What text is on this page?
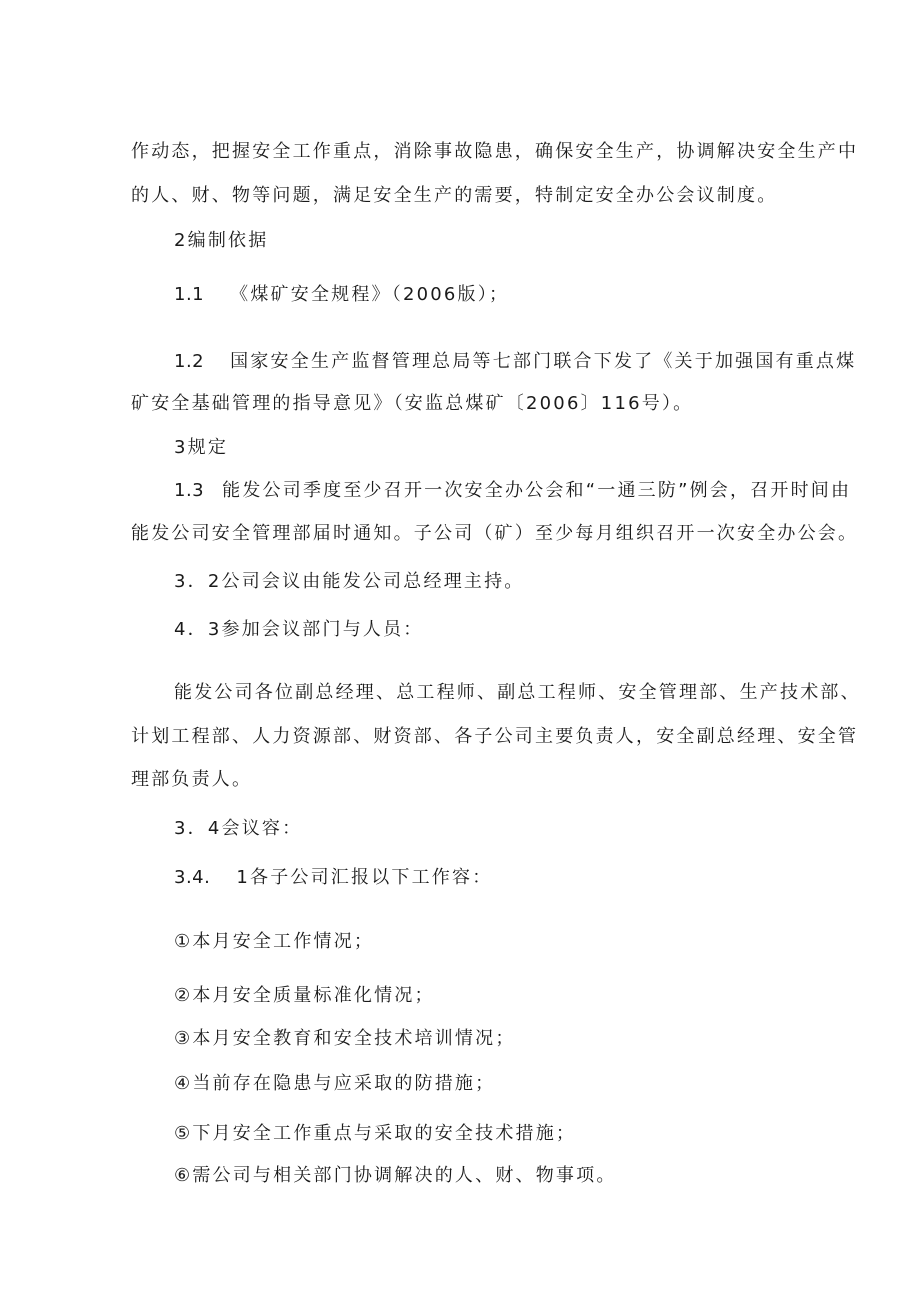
作动态，把握安全工作重点，消除事故隐患，确保安全生产，协调解决安全生产中
的人、财、物等问题，满足安全生产的需要，特制定安全办公会议制度。
2编制依据
1.1 《煤矿安全规程》（2006版）；
1.2 国家安全生产监督管理总局等七部门联合下发了《关于加强国有重点煤
矿安全基础管理的指导意见》（安监总煤矿〔2006〕116号）。
3规定
1.3 能发公司季度至少召开一次安全办公会和“一通三防”例会，召开时间由
能发公司安全管理部届时通知。子公司（矿）至少每月组织召开一次安全办公会。
3．2公司会议由能发公司总经理主持。
4．3参加会议部门与人员：
能发公司各位副总经理、总工程师、副总工程师、安全管理部、生产技术部、
计划工程部、人力资源部、财资部、各子公司主要负责人，安全副总经理、安全管
理部负责人。
3．4会议容：
3.4. 1各子公司汇报以下工作容：
①本月安全工作情况；
②本月安全质量标准化情况；
③本月安全教育和安全技术培训情况；
④当前存在隐患与应采取的防措施；
⑤下月安全工作重点与采取的安全技术措施；
⑥需公司与相关部门协调解决的人、财、物事项。
